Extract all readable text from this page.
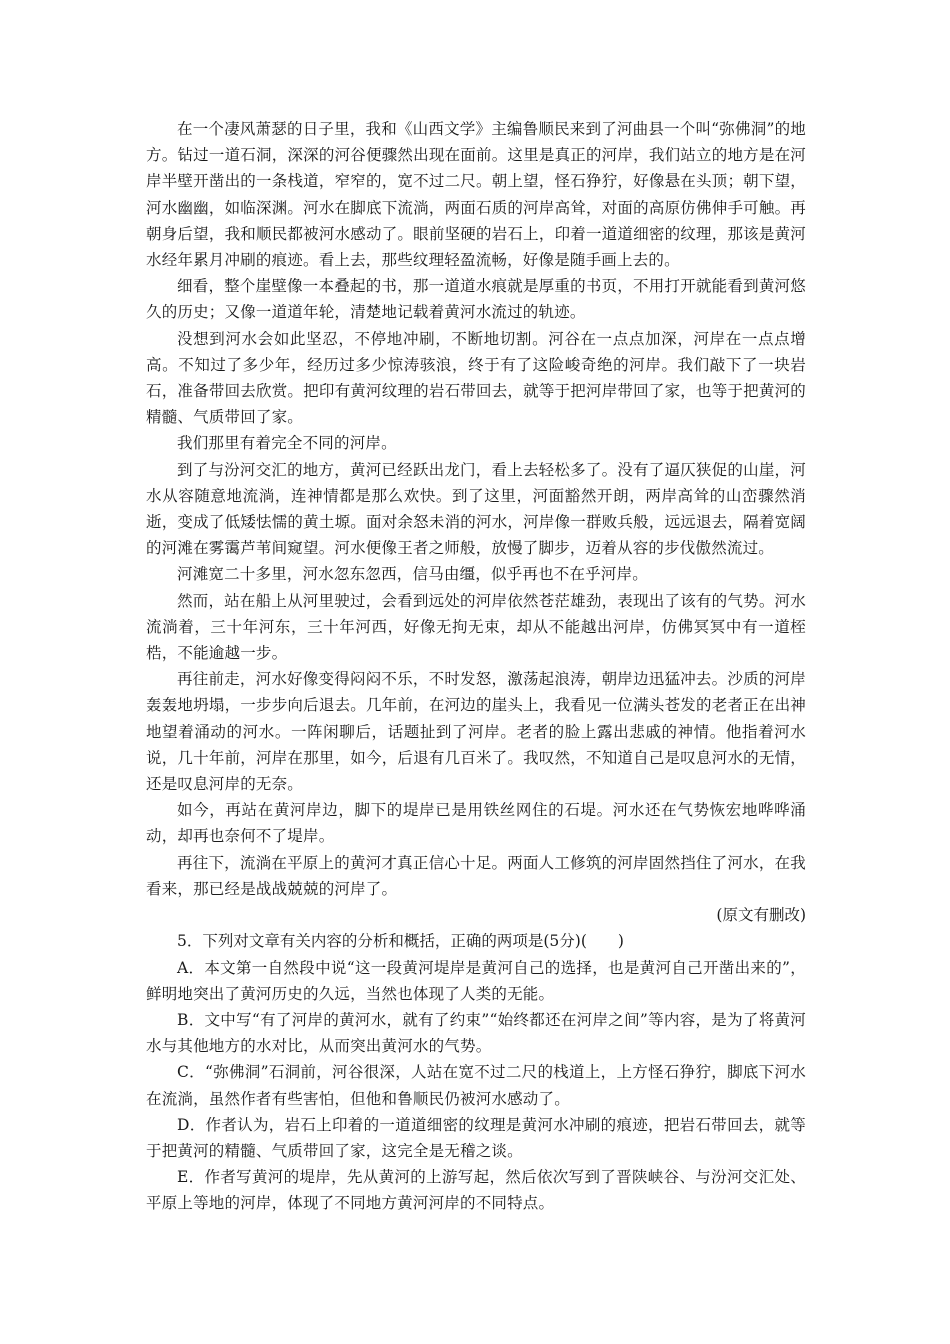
在一个凄风萧瑟的日子里，我和《山西文学》主编鲁顺民来到了河曲县一个叫“弥佛洞”的地方。钻过一道石洞，深深的河谷便骤然出现在面前。这里是真正的河岸，我们站立的地方是在河岸半壁开凿出的一条栈道，窄窄的，宽不过二尺。朝上望，怪石狰狞，好像悬在头顶；朝下望，河水幽幽，如临深渊。河水在脚底下流淌，两面石质的河岸高耸，对面的高原仿佛伸手可触。再朝身后望，我和顺民都被河水感动了。眼前坚硬的岩石上，印着一道道细密的纹理，那该是黄河水经年累月冲刷的痕迹。看上去，那些纹理轻盈流畅，好像是随手画上去的。

细看，整个崖壁像一本叠起的书，那一道道水痕就是厚重的书页，不用打开就能看到黄河悠久的历史；又像一道道年轮，清楚地记载着黄河水流过的轨迹。

没想到河水会如此坚忍，不停地冲刷，不断地切割。河谷在一点点加深，河岸在一点点增高。不知过了多少年，经历过多少惊涛骇浪，终于有了这险峻奇绝的河岸。我们敲下了一块岩石，准备带回去欣赏。把印有黄河纹理的岩石带回去，就等于把河岸带回了家，也等于把黄河的精髓、气质带回了家。

我们那里有着完全不同的河岸。

到了与汾河交汇的地方，黄河已经跃出龙门，看上去轻松多了。没有了逼仄狭促的山崖，河水从容随意地流淌，连神情都是那么欢快。到了这里，河面豁然开朗，两岸高耸的山峦骤然消逝，变成了低矮怯懦的黄土塬。面对余怒未消的河水，河岸像一群败兵般，远远退去，隔着宽阔的河滩在雾霭芦苇间窥望。河水便像王者之师般，放慢了脚步，迈着从容的步伐傲然流过。

河滩宽二十多里，河水忽东忽西，信马由缰，似乎再也不在乎河岸。

然而，站在船上从河里驶过，会看到远处的河岸依然苍茫雄劲，表现出了该有的气势。河水流淌着，三十年河东，三十年河西，好像无拘无束，却从不能越出河岸，仿佛冥冥中有一道桎梏，不能逾越一步。

再往前走，河水好像变得闷闷不乐，不时发怒，激荡起浪涛，朝岸边迅猛冲去。沙质的河岸轰轰地坍塌，一步步向后退去。几年前，在河边的崖头上，我看见一位满头苍发的老者正在出神地望着涌动的河水。一阵闲聊后，话题扯到了河岸。老者的脸上露出悲戚的神情。他指着河水说，几十年前，河岸在那里，如今，后退有几百米了。我叹然，不知道自己是叹息河水的无情，还是叹息河岸的无奈。

如今，再站在黄河岸边，脚下的堤岸已是用铁丝网住的石堤。河水还在气势恢宏地哗哗涌动，却再也奈何不了堤岸。

再往下，流淌在平原上的黄河才真正信心十足。两面人工修筑的河岸固然挡住了河水，在我看来，那已经是战战兢兢的河岸了。

(原文有删改)

5．下列对文章有关内容的分析和概括，正确的两项是(5分)(　　)

A．本文第一自然段中说“这一段黄河堤岸是黄河自己的选择，也是黄河自己开凿出来的”，鲜明地突出了黄河历史的久远，当然也体现了人类的无能。

B．文中写“有了河岸的黄河水，就有了约束”“始终都还在河岸之间”等内容，是为了将黄河水与其他地方的水对比，从而突出黄河水的气势。

C．“弥佛洞”石洞前，河谷很深，人站在宽不过二尺的栈道上，上方怪石狰狞，脚底下河水在流淌，虽然作者有些害怕，但他和鲁顺民仍被河水感动了。

D．作者认为，岩石上印着的一道道细密的纹理是黄河水冲刷的痕迹，把岩石带回去，就等于把黄河的精髓、气质带回了家，这完全是无稽之谈。

E．作者写黄河的堤岸，先从黄河的上游写起，然后依次写到了晋陕峡谷、与汾河交汇处、平原上等地的河岸，体现了不同地方黄河河岸的不同特点。
